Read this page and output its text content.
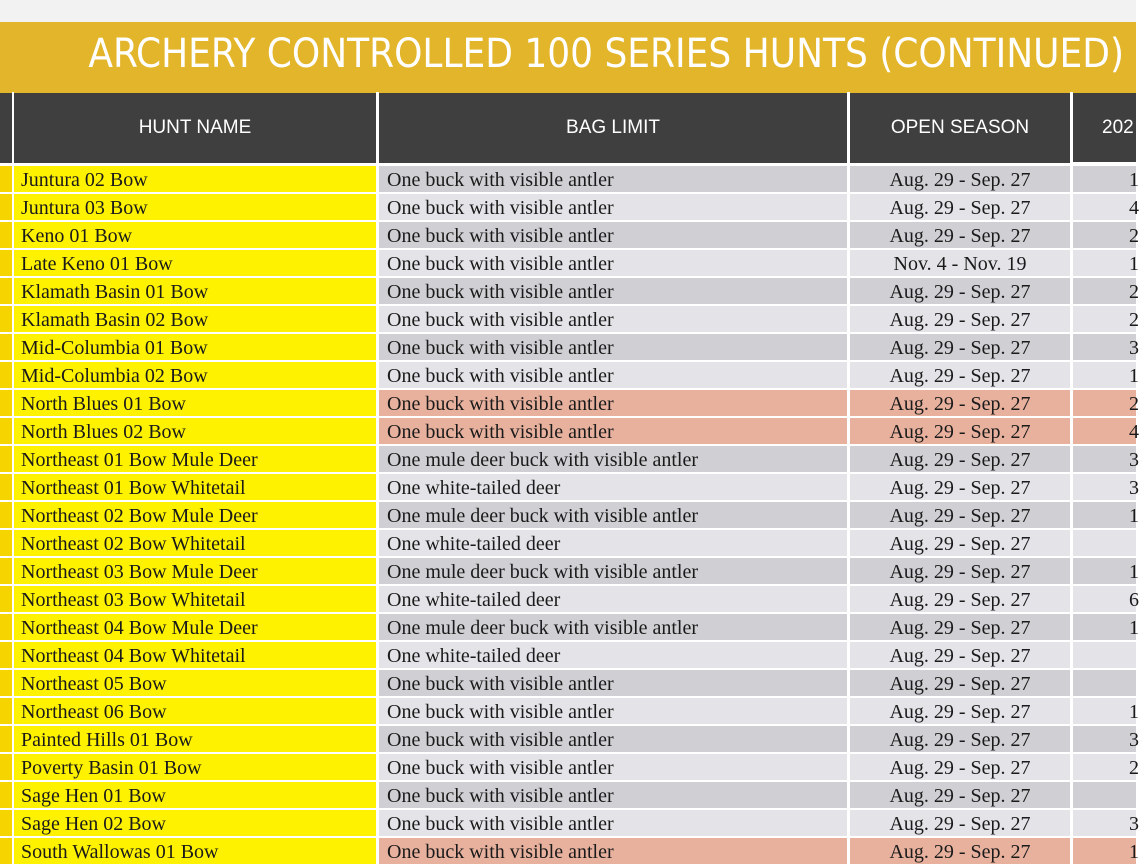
ARCHERY CONTROLLED 100 SERIES HUNTS (CONTINUED)
HUNT NAME	BAG LIMIT	OPEN SEASON	202
Juntura 02 Bow	One buck with visible antler	Aug. 29 - Sep. 27	1
Juntura 03 Bow	One buck with visible antler	Aug. 29 - Sep. 27	4
Keno 01 Bow	One buck with visible antler	Aug. 29 - Sep. 27	2
Late Keno 01 Bow	One buck with visible antler	Nov. 4 - Nov. 19	1
Klamath Basin 01 Bow	One buck with visible antler	Aug. 29 - Sep. 27	2
Klamath Basin 02 Bow	One buck with visible antler	Aug. 29 - Sep. 27	2
Mid-Columbia 01 Bow	One buck with visible antler	Aug. 29 - Sep. 27	3
Mid-Columbia 02 Bow	One buck with visible antler	Aug. 29 - Sep. 27	1
North Blues 01 Bow	One buck with visible antler	Aug. 29 - Sep. 27	2
North Blues 02 Bow	One buck with visible antler	Aug. 29 - Sep. 27	4
Northeast 01 Bow Mule Deer	One mule deer buck with visible antler	Aug. 29 - Sep. 27	3
Northeast 01 Bow Whitetail	One white-tailed deer	Aug. 29 - Sep. 27	3
Northeast 02 Bow Mule Deer	One mule deer buck with visible antler	Aug. 29 - Sep. 27	1
Northeast 02 Bow Whitetail	One white-tailed deer	Aug. 29 - Sep. 27
Northeast 03 Bow Mule Deer	One mule deer buck with visible antler	Aug. 29 - Sep. 27	1
Northeast 03 Bow Whitetail	One white-tailed deer	Aug. 29 - Sep. 27	6
Northeast 04 Bow Mule Deer	One mule deer buck with visible antler	Aug. 29 - Sep. 27	1
Northeast 04 Bow Whitetail	One white-tailed deer	Aug. 29 - Sep. 27
Northeast 05 Bow	One buck with visible antler	Aug. 29 - Sep. 27
Northeast 06 Bow	One buck with visible antler	Aug. 29 - Sep. 27	1
Painted Hills 01 Bow	One buck with visible antler	Aug. 29 - Sep. 27	3
Poverty Basin 01 Bow	One buck with visible antler	Aug. 29 - Sep. 27	2
Sage Hen 01 Bow	One buck with visible antler	Aug. 29 - Sep. 27
Sage Hen 02 Bow	One buck with visible antler	Aug. 29 - Sep. 27	3
South Wallowas 01 Bow	One buck with visible antler	Aug. 29 - Sep. 27	1
